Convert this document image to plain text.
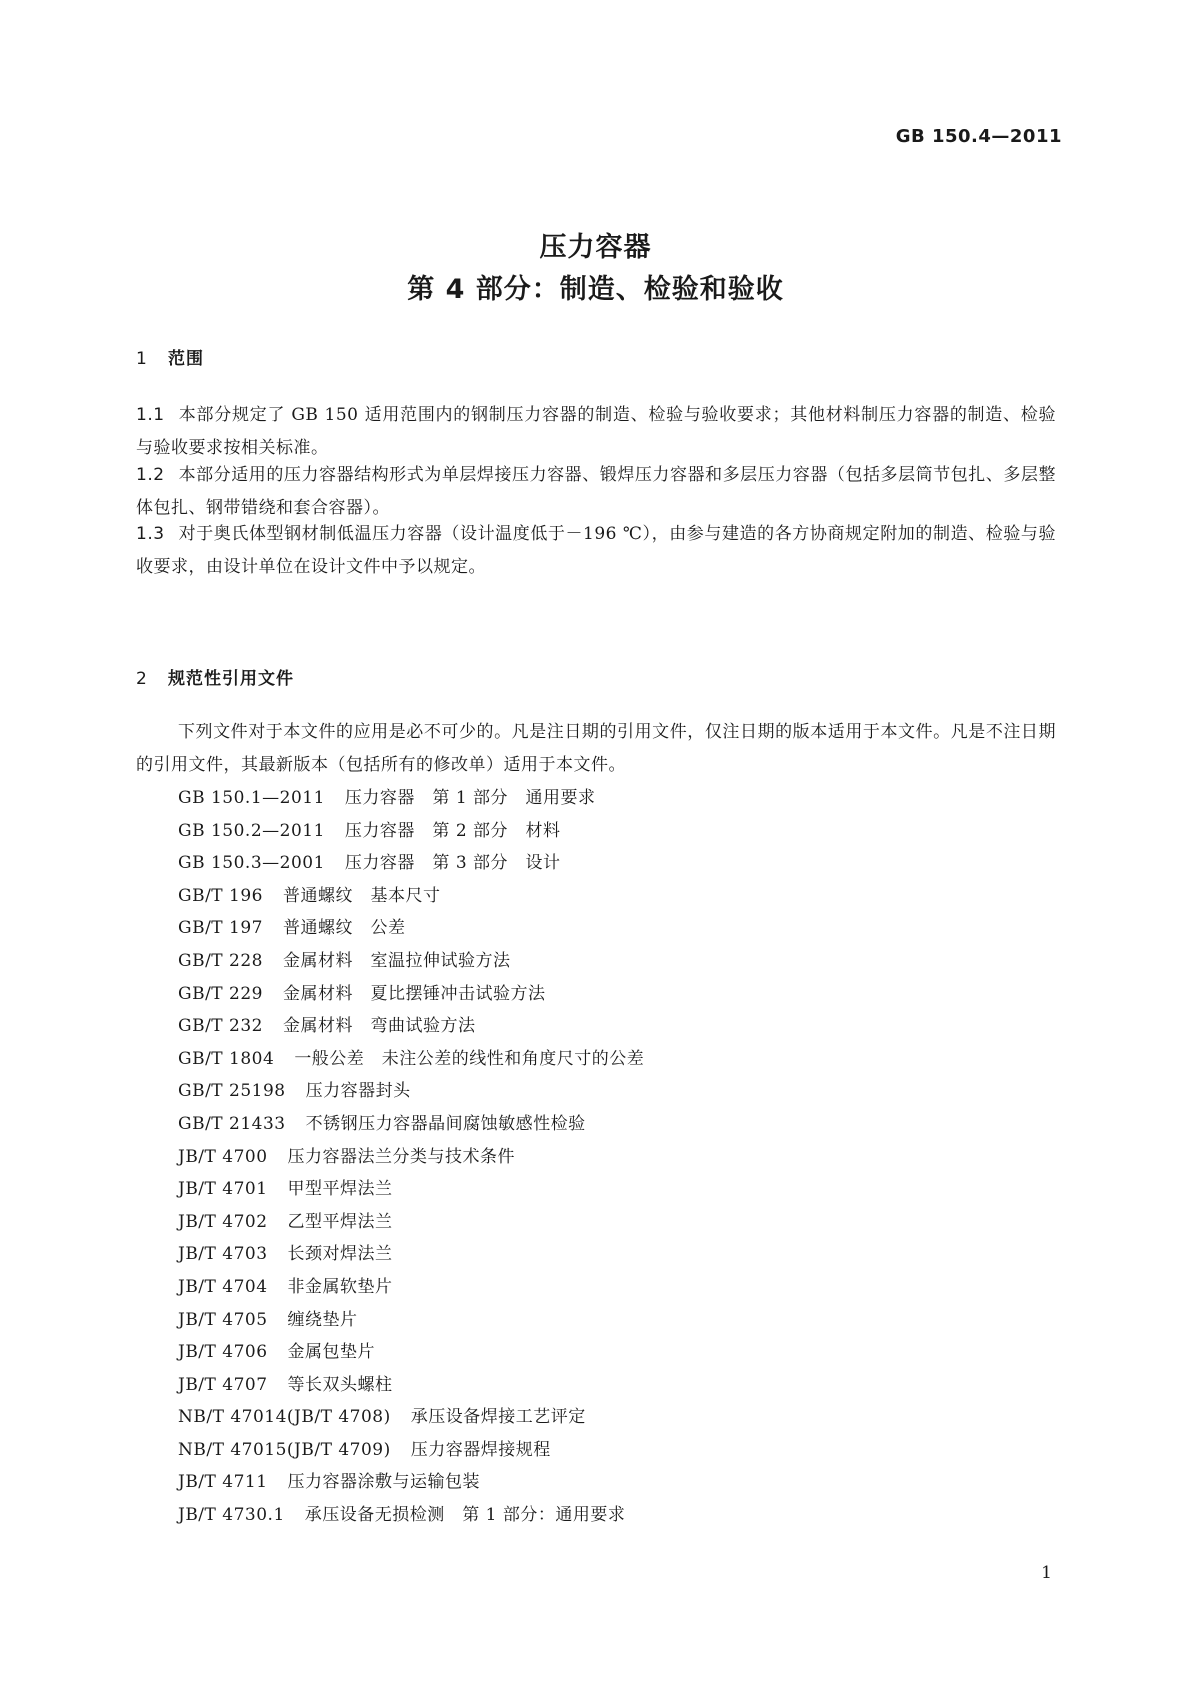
GB 150.4—2011
压力容器
第 4 部分：制造、检验和验收
1 范围
1.1 本部分规定了 GB 150 适用范围内的钢制压力容器的制造、检验与验收要求；其他材料制压力容器的制造、检验与验收要求按相关标准。
1.2 本部分适用的压力容器结构形式为单层焊接压力容器、锻焊压力容器和多层压力容器（包括多层筒节包扎、多层整体包扎、钢带错绕和套合容器）。
1.3 对于奥氏体型钢材制低温压力容器（设计温度低于－196 ℃），由参与建造的各方协商规定附加的制造、检验与验收要求，由设计单位在设计文件中予以规定。
2 规范性引用文件
下列文件对于本文件的应用是必不可少的。凡是注日期的引用文件，仅注日期的版本适用于本文件。凡是不注日期的引用文件，其最新版本（包括所有的修改单）适用于本文件。
GB 150.1—2011 压力容器　第 1 部分　通用要求
GB 150.2—2011 压力容器　第 2 部分　材料
GB 150.3—2001 压力容器　第 3 部分　设计
GB/T 196 普通螺纹　基本尺寸
GB/T 197 普通螺纹　公差
GB/T 228 金属材料　室温拉伸试验方法
GB/T 229 金属材料　夏比摆锤冲击试验方法
GB/T 232 金属材料　弯曲试验方法
GB/T 1804 一般公差　未注公差的线性和角度尺寸的公差
GB/T 25198 压力容器封头
GB/T 21433 不锈钢压力容器晶间腐蚀敏感性检验
JB/T 4700 压力容器法兰分类与技术条件
JB/T 4701 甲型平焊法兰
JB/T 4702 乙型平焊法兰
JB/T 4703 长颈对焊法兰
JB/T 4704 非金属软垫片
JB/T 4705 缠绕垫片
JB/T 4706 金属包垫片
JB/T 4707 等长双头螺柱
NB/T 47014(JB/T 4708) 承压设备焊接工艺评定
NB/T 47015(JB/T 4709) 压力容器焊接规程
JB/T 4711 压力容器涂敷与运输包装
JB/T 4730.1 承压设备无损检测　第 1 部分：通用要求
1
